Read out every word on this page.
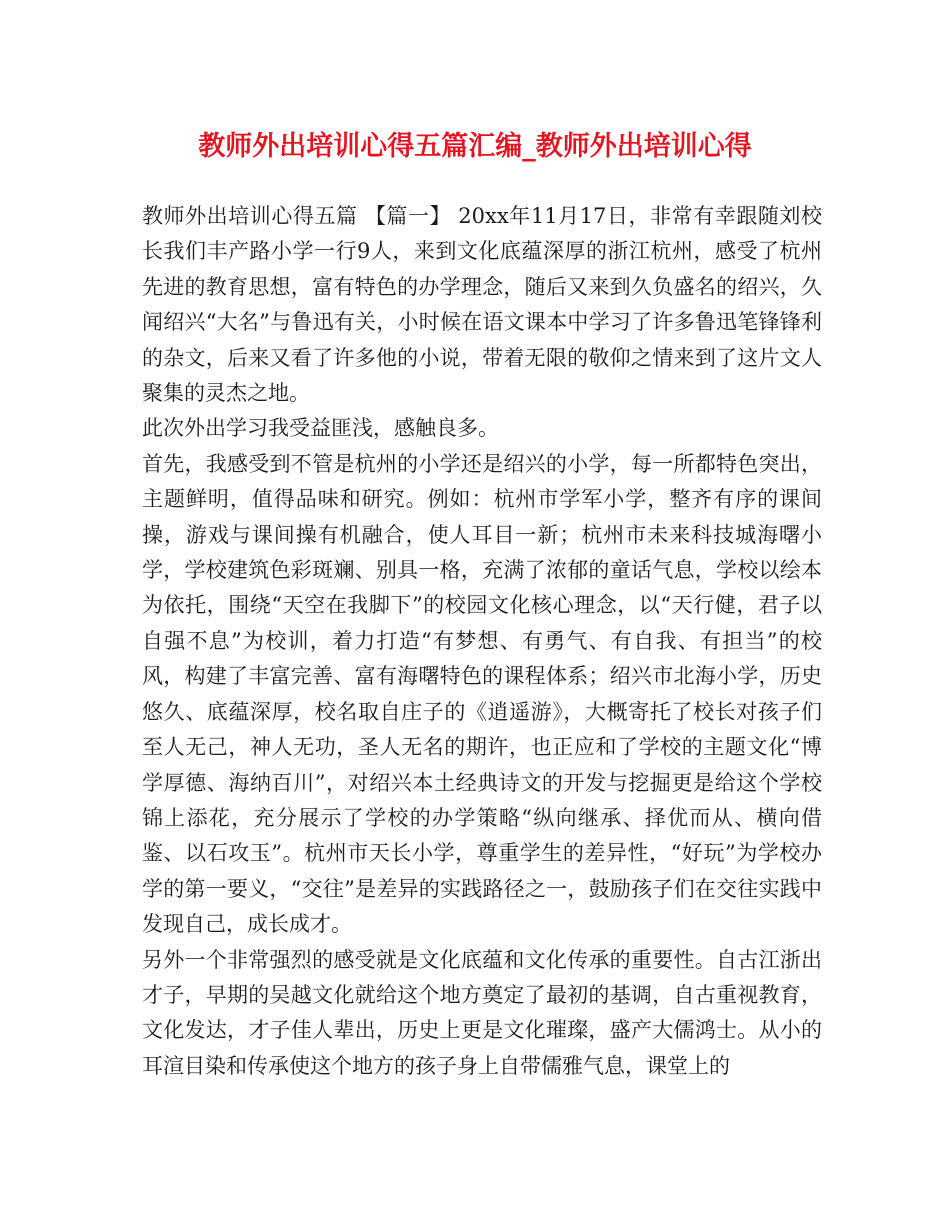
教师外出培训心得五篇汇编_教师外出培训心得

教师外出培训心得五篇 【篇一】 20xx年11月17日，非常有幸跟随刘校长我们丰产路小学一行9人，来到文化底蕴深厚的浙江杭州，感受了杭州先进的教育思想，富有特色的办学理念，随后又来到久负盛名的绍兴，久闻绍兴“大名”与鲁迅有关，小时候在语文课本中学习了许多鲁迅笔锋锋利的杂文，后来又看了许多他的小说，带着无限的敬仰之情来到了这片文人聚集的灵杰之地。

此次外出学习我受益匪浅，感触良多。

首先，我感受到不管是杭州的小学还是绍兴的小学，每一所都特色突出，主题鲜明，值得品味和研究。例如：杭州市学军小学，整齐有序的课间操，游戏与课间操有机融合，使人耳目一新；杭州市未来科技城海曙小学，学校建筑色彩斑斓、别具一格，充满了浓郁的童话气息，学校以绘本为依托，围绕“天空在我脚下”的校园文化核心理念，以“天行健，君子以自强不息”为校训，着力打造“有梦想、有勇气、有自我、有担当”的校风，构建了丰富完善、富有海曙特色的课程体系；绍兴市北海小学，历史悠久、底蕴深厚，校名取自庄子的《逍遥游》，大概寄托了校长对孩子们至人无己，神人无功，圣人无名的期许，也正应和了学校的主题文化“博学厚德、海纳百川”，对绍兴本土经典诗文的开发与挖掘更是给这个学校锦上添花，充分展示了学校的办学策略“纵向继承、择优而从、横向借鉴、以石攻玉”。杭州市天长小学，尊重学生的差异性，“好玩”为学校办学的第一要义，“交往”是差异的实践路径之一，鼓励孩子们在交往实践中发现自己，成长成才。

另外一个非常强烈的感受就是文化底蕴和文化传承的重要性。自古江浙出才子，早期的吴越文化就给这个地方奠定了最初的基调，自古重视教育，文化发达，才子佳人辈出，历史上更是文化璀璨，盛产大儒鸿士。从小的耳渲目染和传承使这个地方的孩子身上自带儒雅气息，课堂上的
